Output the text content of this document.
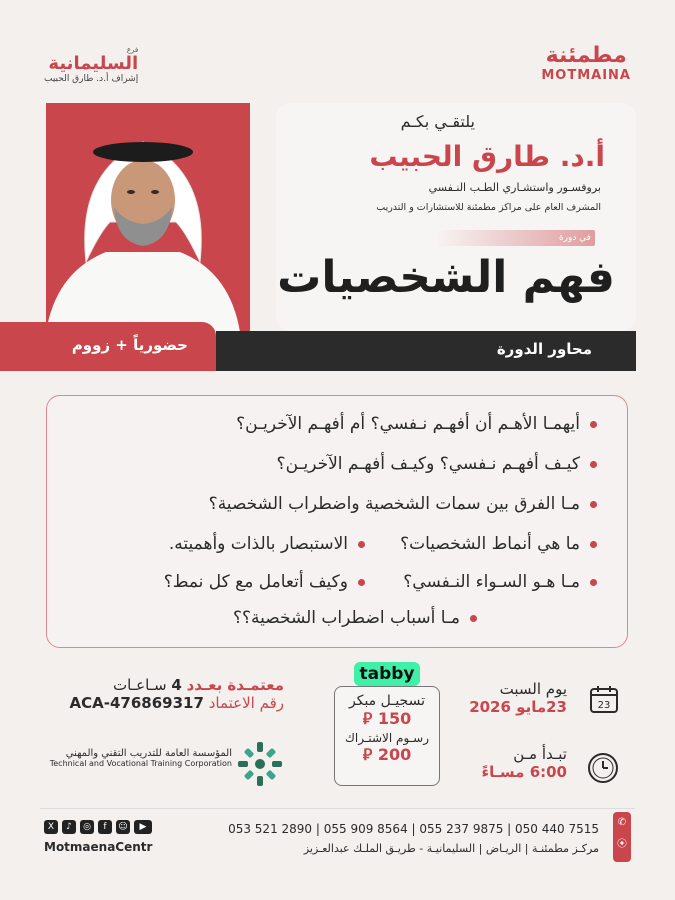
مطمئنة
MOTMAINA
فرع
السليمانية
إشراف أ.د. طارق الحبيب
يلتقـي بكـم
أ.د. طارق الحبيب
بروفسـور واستشـاري الطـب النـفسي
المشرف العام على مراكز مطمئنة للاستشارات و التدريب
في دورة
فهم الشخصيات
محاور الدورة
حضورياً + زووم
أيهمـا الأهـم أن أفهـم نـفسي؟ أم أفهـم الآخريـن؟
كيـف أفهـم نـفسي؟ وكيـف أفهـم الآخريـن؟
مـا الفرق بين سمات الشخصية واضطراب الشخصية؟
ما هي أنماط الشخصيات؟
الاستبصار بالذات وأهميته.
مـا هـو السـواء النـفسي؟
وكيف أتعامل مع كل نمط؟
مـا أسباب اضطراب الشخصية؟؟
23
يوم السبت
23مايو 2026
تبـدأ مـن
6:00 مسـاءً
tabby
تسجيـل مبكر
150 ⃁
رسـوم الاشتـراك
200 ⃁
معتمـدة بعـدد 4 سـاعـات
ACA-476869317 رقم الاعتماد
المؤسسة العامة للتدريب التقني والمهني
Technical and Vocational Training Corporation
X	♪	◎	f	☺	▶
MotmaenaCentr
053 521 2890 | 055 909 8564 | 055 237 9875 | 050 440 7515
مركـز مطمئنـة | الريـاض | السليمانيـة - طريـق الملـك عبدالعـزيز
✆
⦿
